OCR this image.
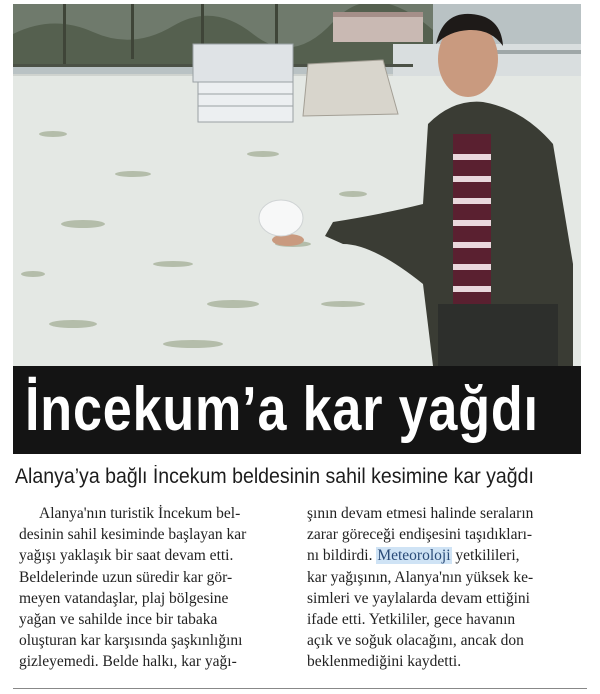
İncekum’a kar yağdı
Alanya’ya bağlı İncekum beldesinin sahil kesimine kar yağdı

Alanya'nın turistik İncekum bel-

desinin sahil kesiminde başlayan kar

yağışı yaklaşık bir saat devam etti.

Beldelerinde uzun süredir kar gör-

meyen vatandaşlar, plaj bölgesine

yağan ve sahilde ince bir tabaka

oluşturan kar karşısında şaşkınlığını

gizleyemedi. Belde halkı, kar yağı-

şının devam etmesi halinde seraların

zarar göreceği endişesini taşıdıkları-

nı bildirdi. Meteoroloji yetkilileri,

kar yağışının, Alanya'nın yüksek ke-

simleri ve yaylalarda devam ettiğini

ifade etti. Yetkililer, gece havanın

açık ve soğuk olacağını, ancak don

beklenmediğini kaydetti.
